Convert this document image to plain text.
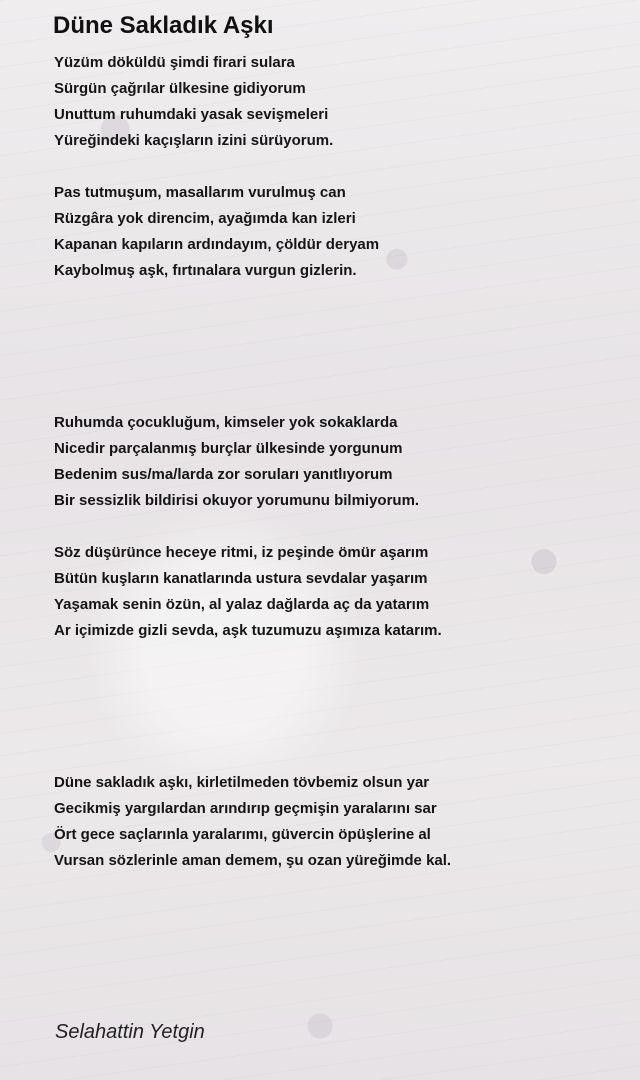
Düne Sakladık Aşkı
Yüzüm döküldü şimdi firari sulara
Sürgün çağrılar ülkesine gidiyorum
Unuttum ruhumdaki yasak sevişmeleri
Yüreğindeki kaçışların izini sürüyorum.
Pas tutmuşum, masallarım vurulmuş can
Rüzgâra yok direncim, ayağımda kan izleri
Kapanan kapıların ardındayım, çöldür deryam
Kaybolmuş aşk, fırtınalara vurgun gizlerin.
Ruhumda çocukluğum, kimseler yok sokaklarda
Nicedir parçalanmış burçlar ülkesinde yorgunum
Bedenim sus/ma/larda zor soruları yanıtlıyorum
Bir sessizlik bildirisi okuyor yorumunu bilmiyorum.
Söz düşürünce heceye ritmi, iz peşinde ömür aşarım
Bütün kuşların kanatlarında ustura sevdalar yaşarım
Yaşamak senin özün, al yalaz dağlarda aç da yatarım
Ar içimizde gizli sevda, aşk tuzumuzu aşımıza katarım.
Düne sakladık aşkı, kirletilmeden tövbemiz olsun yar
Gecikmiş yargılardan arındırıp geçmişin yaralarını sar
Ört gece saçlarınla yaralarımı, güvercin öpüşlerine al
Vursan sözlerinle aman demem, şu ozan yüreğimde kal.
Selahattin Yetgin
